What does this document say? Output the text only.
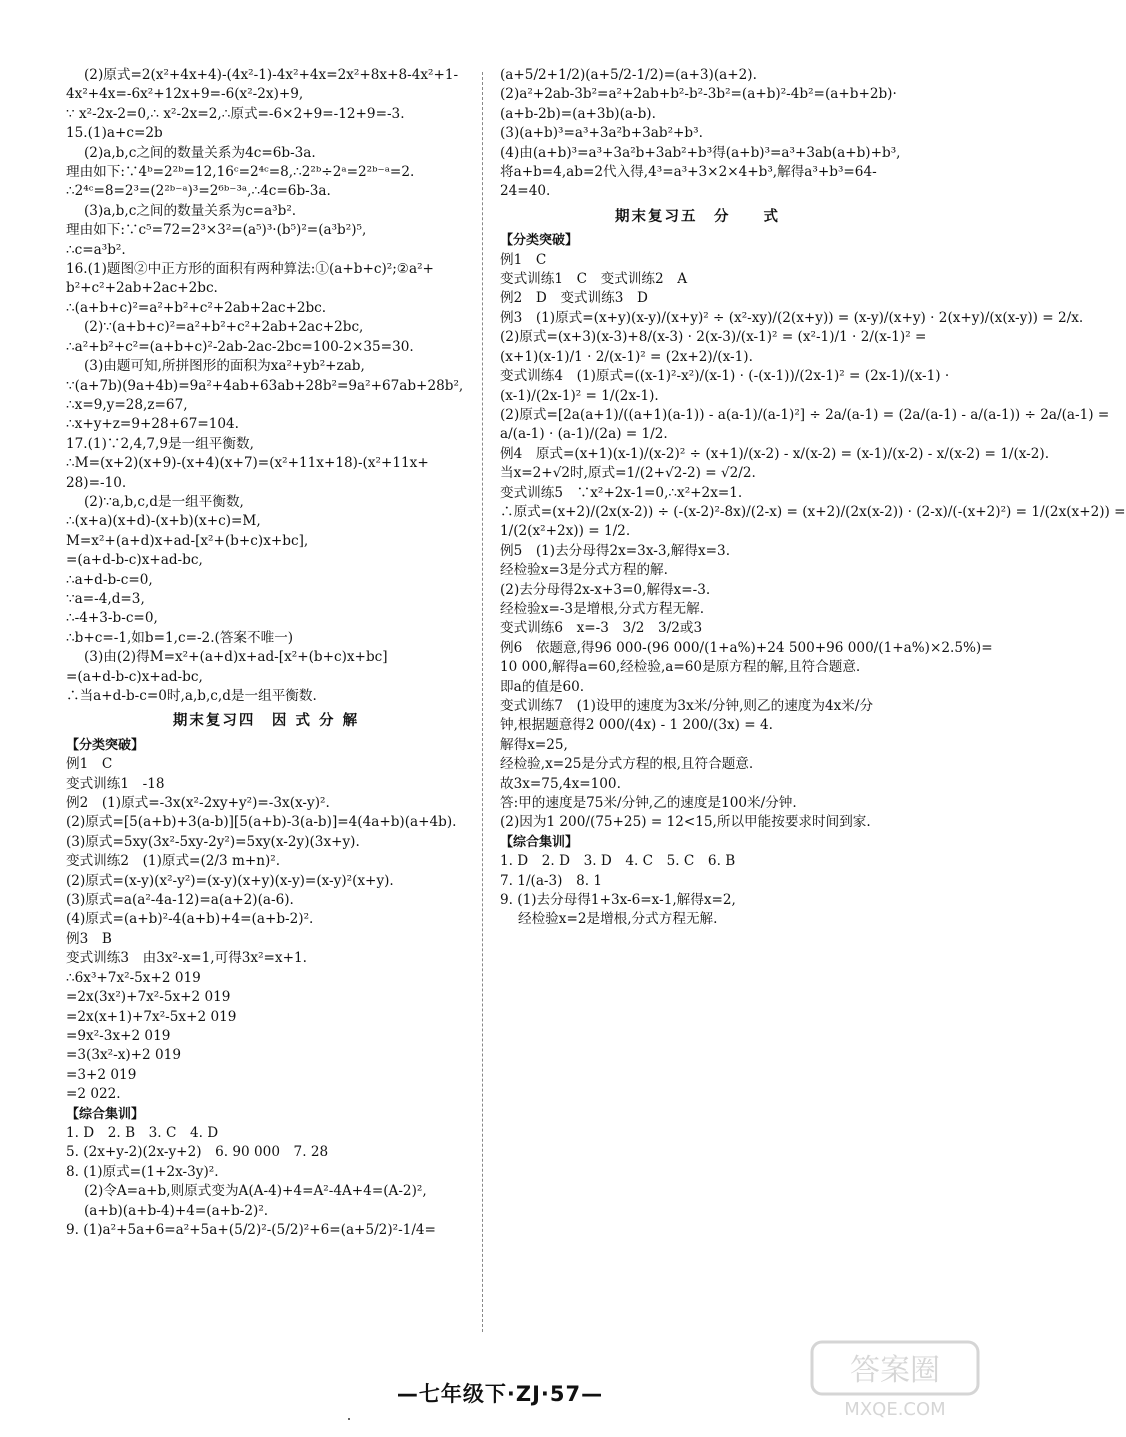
(2)原式=2(x²+4x+4)-(4x²-1)-4x²+4x=2x²+8x+8-4x²+1-
4x²+4x=-6x²+12x+9=-6(x²-2x)+9,
∵ x²-2x-2=0,∴ x²-2x=2,∴原式=-6×2+9=-12+9=-3.
15.(1)a+c=2b
(2)a,b,c之间的数量关系为4c=6b-3a.
理由如下:∵4ᵇ=2²ᵇ=12,16ᶜ=2⁴ᶜ=8,∴2²ᵇ÷2ᵃ=2²ᵇ⁻ᵃ=2.
∴2⁴ᶜ=8=2³=(2²ᵇ⁻ᵃ)³=2⁶ᵇ⁻³ᵃ,∴4c=6b-3a.
(3)a,b,c之间的数量关系为c=a³b².
理由如下:∵c⁵=72=2³×3²=(a⁵)³·(b⁵)²=(a³b²)⁵,
∴c=a³b².
16.(1)题图②中正方形的面积有两种算法:①(a+b+c)²;②a²+
b²+c²+2ab+2ac+2bc.
∴(a+b+c)²=a²+b²+c²+2ab+2ac+2bc.
(2)∵(a+b+c)²=a²+b²+c²+2ab+2ac+2bc,
∴a²+b²+c²=(a+b+c)²-2ab-2ac-2bc=100-2×35=30.
(3)由题可知,所拼图形的面积为xa²+yb²+zab,
∵(a+7b)(9a+4b)=9a²+4ab+63ab+28b²=9a²+67ab+28b²,
∴x=9,y=28,z=67,
∴x+y+z=9+28+67=104.
17.(1)∵2,4,7,9是一组平衡数,
∴M=(x+2)(x+9)-(x+4)(x+7)=(x²+11x+18)-(x²+11x+
28)=-10.
(2)∵a,b,c,d是一组平衡数,
∴(x+a)(x+d)-(x+b)(x+c)=M,
M=x²+(a+d)x+ad-[x²+(b+c)x+bc],
=(a+d-b-c)x+ad-bc,
∴a+d-b-c=0,
∵a=-4,d=3,
∴-4+3-b-c=0,
∴b+c=-1,如b=1,c=-2.(答案不唯一)
(3)由(2)得M=x²+(a+d)x+ad-[x²+(b+c)x+bc]
=(a+d-b-c)x+ad-bc,
∴当a+d-b-c=0时,a,b,c,d是一组平衡数.
期末复习四　因 式 分 解
【分类突破】
例1　C
变式训练1　-18
例2　(1)原式=-3x(x²-2xy+y²)=-3x(x-y)².
(2)原式=[5(a+b)+3(a-b)][5(a+b)-3(a-b)]=4(4a+b)(a+4b).
(3)原式=5xy(3x²-5xy-2y²)=5xy(x-2y)(3x+y).
变式训练2　(1)原式=(2/3 m+n)².
(2)原式=(x-y)(x²-y²)=(x-y)(x+y)(x-y)=(x-y)²(x+y).
(3)原式=a(a²-4a-12)=a(a+2)(a-6).
(4)原式=(a+b)²-4(a+b)+4=(a+b-2)².
例3　B
变式训练3　由3x²-x=1,可得3x²=x+1.
∴6x³+7x²-5x+2 019
=2x(3x²)+7x²-5x+2 019
=2x(x+1)+7x²-5x+2 019
=9x²-3x+2 019
=3(3x²-x)+2 019
=3+2 019
=2 022.
【综合集训】
1. D　2. B　3. C　4. D
5. (2x+y-2)(2x-y+2)　6. 90 000　7. 28
8. (1)原式=(1+2x-3y)².
(2)令A=a+b,则原式变为A(A-4)+4=A²-4A+4=(A-2)²,
(a+b)(a+b-4)+4=(a+b-2)².
9. (1)a²+5a+6=a²+5a+(5/2)²-(5/2)²+6=(a+5/2)²-1/4=
(a+5/2+1/2)(a+5/2-1/2)=(a+3)(a+2).
(2)a²+2ab-3b²=a²+2ab+b²-b²-3b²=(a+b)²-4b²=(a+b+2b)·
(a+b-2b)=(a+3b)(a-b).
(3)(a+b)³=a³+3a²b+3ab²+b³.
(4)由(a+b)³=a³+3a²b+3ab²+b³得(a+b)³=a³+3ab(a+b)+b³,
将a+b=4,ab=2代入得,4³=a³+3×2×4+b³,解得a³+b³=64-
24=40.
期末复习五　分　　式
【分类突破】
例1　C
变式训练1　C　变式训练2　A
例2　D　变式训练3　D
例3　(1)原式=(x+y)(x-y)/(x+y)² ÷ (x²-xy)/(2(x+y)) = (x-y)/(x+y) · 2(x+y)/(x(x-y)) = 2/x.
(2)原式=(x+3)(x-3)+8/(x-3) · 2(x-3)/(x-1)² = (x²-1)/1 · 2/(x-1)² =
(x+1)(x-1)/1 · 2/(x-1)² = (2x+2)/(x-1).
变式训练4　(1)原式=((x-1)²-x²)/(x-1) · (-(x-1))/(2x-1)² = (2x-1)/(x-1) ·
(x-1)/(2x-1)² = 1/(2x-1).
(2)原式=[2a(a+1)/((a+1)(a-1)) - a(a-1)/(a-1)²] ÷ 2a/(a-1) = (2a/(a-1) - a/(a-1)) ÷ 2a/(a-1) =
a/(a-1) · (a-1)/(2a) = 1/2.
例4　原式=(x+1)(x-1)/(x-2)² ÷ (x+1)/(x-2) - x/(x-2) = (x-1)/(x-2) - x/(x-2) = 1/(x-2).
当x=2+√2时,原式=1/(2+√2-2) = √2/2.
变式训练5　∵x²+2x-1=0,∴x²+2x=1.
∴原式=(x+2)/(2x(x-2)) ÷ (-(x-2)²-8x)/(2-x) = (x+2)/(2x(x-2)) · (2-x)/(-(x+2)²) = 1/(2x(x+2)) =
1/(2(x²+2x)) = 1/2.
例5　(1)去分母得2x=3x-3,解得x=3.
经检验x=3是分式方程的解.
(2)去分母得2x-x+3=0,解得x=-3.
经检验x=-3是增根,分式方程无解.
变式训练6　x=-3　3/2　3/2或3
例6　依题意,得96 000-(96 000/(1+a%)+24 500+96 000/(1+a%)×2.5%)=
10 000,解得a=60,经检验,a=60是原方程的解,且符合题意.
即a的值是60.
变式训练7　(1)设甲的速度为3x米/分钟,则乙的速度为4x米/分
钟,根据题意得2 000/(4x) - 1 200/(3x) = 4.
解得x=25,
经检验,x=25是分式方程的根,且符合题意.
故3x=75,4x=100.
答:甲的速度是75米/分钟,乙的速度是100米/分钟.
(2)因为1 200/(75+25) = 12<15,所以甲能按要求时间到家.
【综合集训】
1. D　2. D　3. D　4. C　5. C　6. B
7. 1/(a-3)　8. 1
9. (1)去分母得1+3x-6=x-1,解得x=2,
经检验x=2是增根,分式方程无解.
—七年级下·ZJ·57—
答案圈
MXQE.COM
